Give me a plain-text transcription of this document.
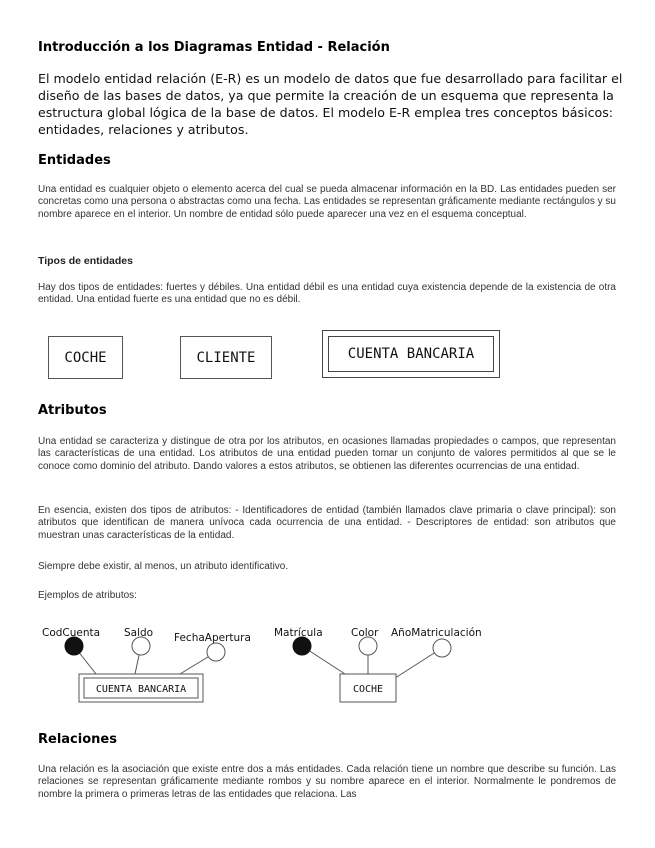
Introducción a los Diagramas Entidad - Relación
El modelo entidad relación (E-R) es un modelo de datos que fue desarrollado para facilitar el diseño de las bases de datos, ya que permite la creación de un esquema que representa la estructura global lógica de la base de datos. El modelo E-R emplea tres conceptos básicos: entidades, relaciones y atributos.
Entidades
Una entidad es cualquier objeto o elemento acerca del cual se pueda almacenar información en la BD. Las entidades pueden ser concretas como una persona o abstractas como una fecha. Las entidades se representan gráficamente mediante rectángulos y su nombre aparece en el interior. Un nombre de entidad sólo puede aparecer una vez en el esquema conceptual.
Tipos de entidades
Hay dos tipos de entidades: fuertes y débiles. Una entidad débil es una entidad cuya existencia depende de la existencia de otra entidad. Una entidad fuerte es una entidad que no es débil.
COCHE	CLIENTE	CUENTA BANCARIA
Atributos
Una entidad se caracteriza y distingue de otra por los atributos, en ocasiones llamadas propiedades o campos, que representan las características de una entidad. Los atributos de una entidad pueden tomar un conjunto de valores permitidos al que se le conoce como dominio del atributo. Dando valores a estos atributos, se obtienen las diferentes ocurrencias de una entidad.
En esencia, existen dos tipos de atributos: - Identificadores de entidad (también llamados clave primaria o clave principal): son atributos que identifican de manera unívoca cada ocurrencia de una entidad. - Descriptores de entidad: son atributos que muestran unas características de la entidad.
Siempre debe existir, al menos, un atributo identificativo.
Ejemplos de atributos:
CodCuenta Saldo FechaApertura
CUENTA BANCARIA
Matrícula	Color AñoMatriculación
COCHE
Relaciones
Una relación es la asociación que existe entre dos a más entidades. Cada relación tiene un nombre que describe su función. Las relaciones se representan gráficamente mediante rombos y su nombre aparece en el interior. Normalmente le pondremos de nombre la primera o primeras letras de las entidades que relaciona. Las
